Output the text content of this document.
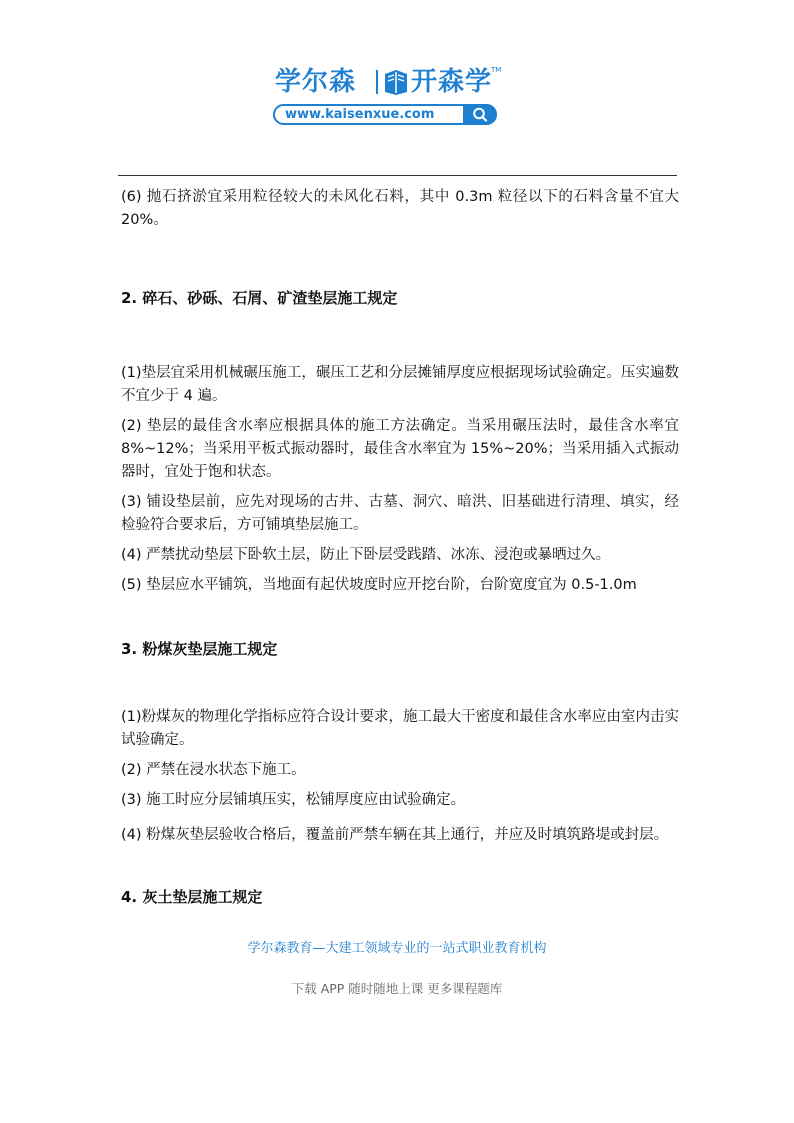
学尔森 开森学
TM
www.kaisenxue.com

(6) 抛石挤淤宜采用粒径较大的未风化石料，其中 0.3m 粒径以下的石料含量不宜大 20%。

2. 碎石、砂砾、石屑、矿渣垫层施工规定

(1)垫层宜采用机械碾压施工，碾压工艺和分层摊铺厚度应根据现场试验确定。压实遍数不宜少于 4 遍。

(2) 垫层的最佳含水率应根据具体的施工方法确定。当采用碾压法时，最佳含水率宜 8%~12%；当采用平板式振动器时，最佳含水率宜为 15%~20%；当采用插入式振动器时，宜处于饱和状态。

(3) 铺设垫层前，应先对现场的古井、古墓、洞穴、暗洪、旧基础进行清理、填实，经检验符合要求后，方可铺填垫层施工。

(4) 严禁扰动垫层下卧软土层，防止下卧层受践踏、冰冻、浸泡或暴晒过久。

(5) 垫层应水平铺筑，当地面有起伏坡度时应开挖台阶，台阶宽度宜为 0.5-1.0m

3. 粉煤灰垫层施工规定

(1)粉煤灰的物理化学指标应符合设计要求，施工最大干密度和最佳含水率应由室内击实试验确定。

(2) 严禁在浸水状态下施工。

(3) 施工时应分层铺填压实，松铺厚度应由试验确定。

(4) 粉煤灰垫层验收合格后，覆盖前严禁车辆在其上通行，并应及时填筑路堤或封层。

4. 灰土垫层施工规定

学尔森教育—大建工领域专业的一站式职业教育机构
下载 APP 随时随地上课 更多课程题库
